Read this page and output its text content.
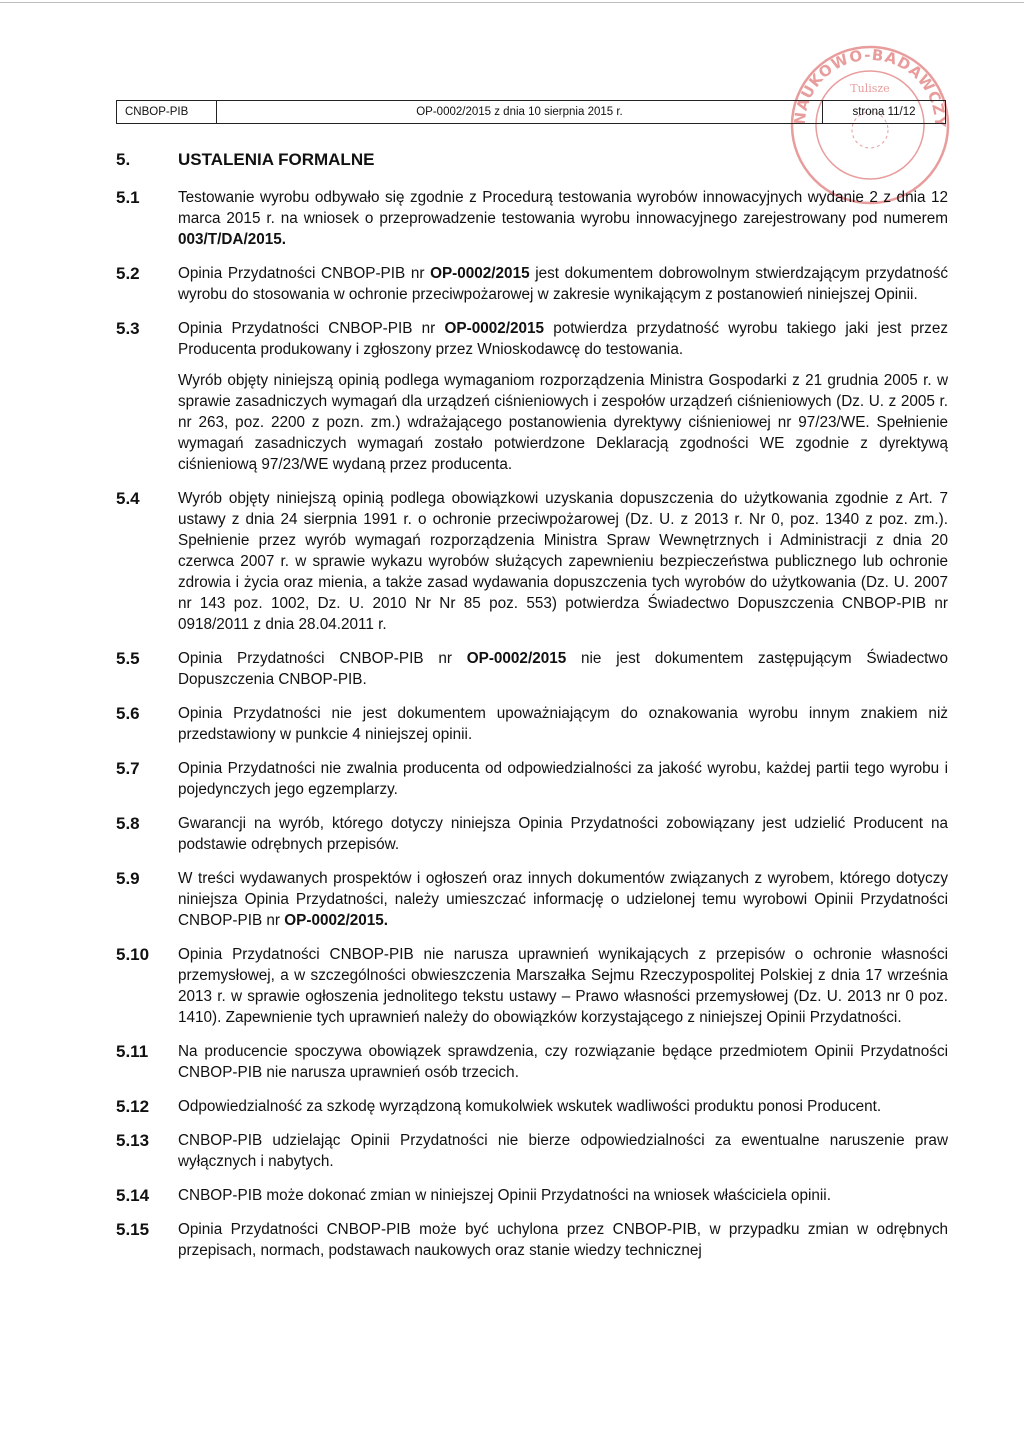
NAUKOWO-BADAWCZY
Tulisze
CNBOP-PIB	OP-0002/2015 z dnia 10 sierpnia 2015 r.	strona 11/12
5.	USTALENIA FORMALNE
5.1	Testowanie wyrobu odbywało się zgodnie z Procedurą testowania wyrobów innowacyjnych wydanie 2 z dnia 12 marca 2015 r. na wniosek o przeprowadzenie testowania wyrobu innowacyjnego zarejestrowany pod numerem 003/T/DA/2015.

5.2	Opinia Przydatności CNBOP-PIB nr OP-0002/2015 jest dokumentem dobrowolnym stwierdzającym przydatność wyrobu do stosowania w ochronie przeciwpożarowej w zakresie wynikającym z postanowień niniejszej Opinii.

5.3	Opinia Przydatności CNBOP-PIB nr OP-0002/2015 potwierdza przydatność wyrobu takiego jaki jest przez Producenta produkowany i zgłoszony przez Wnioskodawcę do testowania.

Wyrób objęty niniejszą opinią podlega wymaganiom rozporządzenia Ministra Gospodarki z 21 grudnia 2005 r. w sprawie zasadniczych wymagań dla urządzeń ciśnieniowych i zespołów urządzeń ciśnieniowych (Dz. U. z 2005 r. nr 263, poz. 2200 z pozn. zm.) wdrażającego postanowienia dyrektywy ciśnieniowej nr 97/23/WE. Spełnienie wymagań zasadniczych wymagań zostało potwierdzone Deklaracją zgodności WE zgodnie z dyrektywą ciśnieniową 97/23/WE wydaną przez producenta.

5.4	Wyrób objęty niniejszą opinią podlega obowiązkowi uzyskania dopuszczenia do użytkowania zgodnie z Art. 7 ustawy z dnia 24 sierpnia 1991 r. o ochronie przeciwpożarowej (Dz. U. z 2013 r. Nr 0, poz. 1340 z poz. zm.). Spełnienie przez wyrób wymagań rozporządzenia Ministra Spraw Wewnętrznych i Administracji z dnia 20 czerwca 2007 r. w sprawie wykazu wyrobów służących zapewnieniu bezpieczeństwa publicznego lub ochronie zdrowia i życia oraz mienia, a także zasad wydawania dopuszczenia tych wyrobów do użytkowania (Dz. U. 2007 nr 143 poz. 1002, Dz. U. 2010 Nr Nr 85 poz. 553) potwierdza Świadectwo Dopuszczenia CNBOP-PIB nr 0918/2011 z dnia 28.04.2011 r.

5.5	Opinia Przydatności CNBOP-PIB nr OP-0002/2015 nie jest dokumentem zastępującym Świadectwo Dopuszczenia CNBOP-PIB.

5.6	Opinia Przydatności nie jest dokumentem upoważniającym do oznakowania wyrobu innym znakiem niż przedstawiony w punkcie 4 niniejszej opinii.

5.7	Opinia Przydatności nie zwalnia producenta od odpowiedzialności za jakość wyrobu, każdej partii tego wyrobu i pojedynczych jego egzemplarzy.

5.8	Gwarancji na wyrób, którego dotyczy niniejsza Opinia Przydatności zobowiązany jest udzielić Producent na podstawie odrębnych przepisów.

5.9	W treści wydawanych prospektów i ogłoszeń oraz innych dokumentów związanych z wyrobem, którego dotyczy niniejsza Opinia Przydatności, należy umieszczać informację o udzielonej temu wyrobowi Opinii Przydatności CNBOP-PIB nr OP-0002/2015.

5.10	Opinia Przydatności CNBOP-PIB nie narusza uprawnień wynikających z przepisów o ochronie własności przemysłowej, a w szczególności obwieszczenia Marszałka Sejmu Rzeczypospolitej Polskiej z dnia 17 września 2013 r. w sprawie ogłoszenia jednolitego tekstu ustawy – Prawo własności przemysłowej (Dz. U. 2013 nr 0 poz. 1410). Zapewnienie tych uprawnień należy do obowiązków korzystającego z niniejszej Opinii Przydatności.

5.11	Na producencie spoczywa obowiązek sprawdzenia, czy rozwiązanie będące przedmiotem Opinii Przydatności CNBOP-PIB nie narusza uprawnień osób trzecich.

5.12	Odpowiedzialność za szkodę wyrządzoną komukolwiek wskutek wadliwości produktu ponosi Producent.

5.13	CNBOP-PIB udzielając Opinii Przydatności nie bierze odpowiedzialności za ewentualne naruszenie praw wyłącznych i nabytych.

5.14	CNBOP-PIB może dokonać zmian w niniejszej Opinii Przydatności na wniosek właściciela opinii.

5.15	Opinia Przydatności CNBOP-PIB może być uchylona przez CNBOP-PIB, w przypadku zmian w odrębnych przepisach, normach, podstawach naukowych oraz stanie wiedzy technicznej
